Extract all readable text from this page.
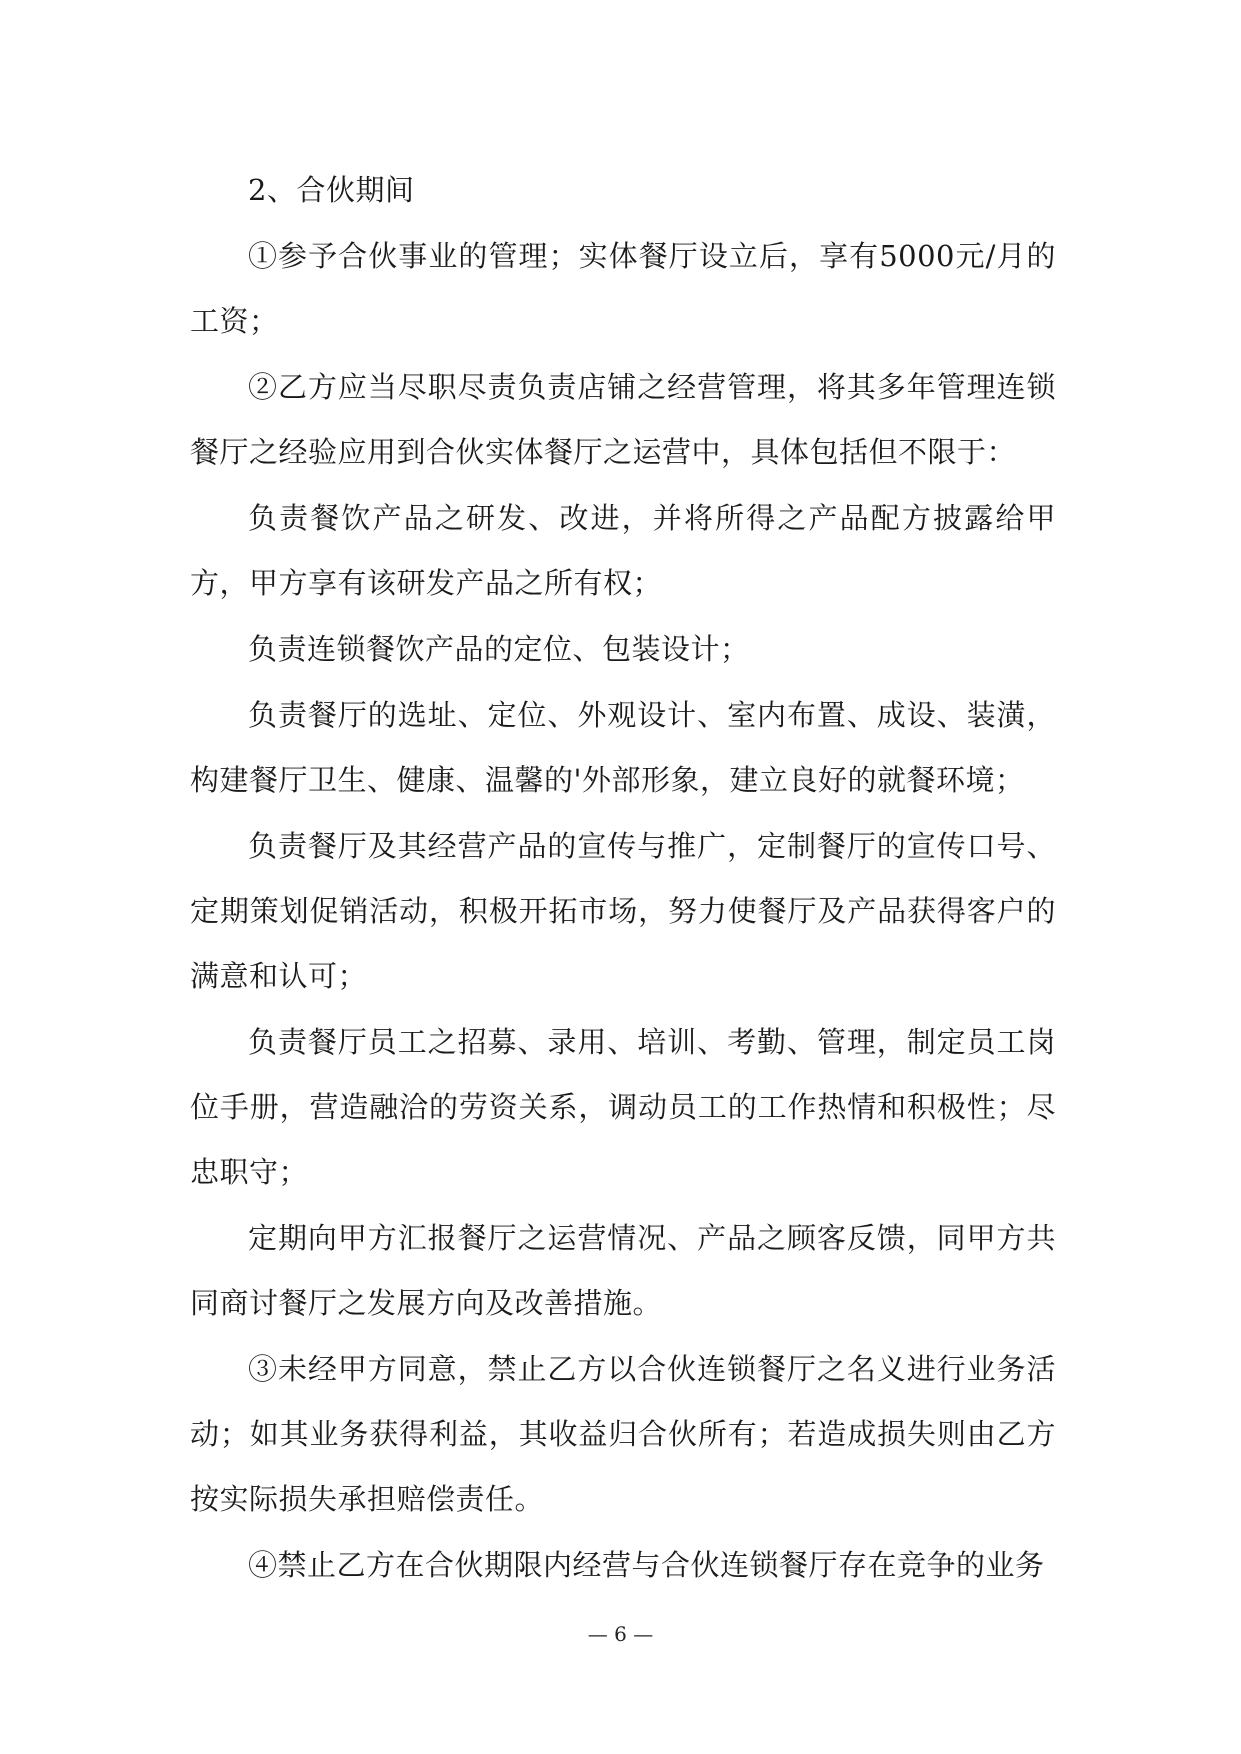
2、合伙期间

①参予合伙事业的管理；实体餐厅设立后，享有5000元/月的工资；

②乙方应当尽职尽责负责店铺之经营管理，将其多年管理连锁餐厅之经验应用到合伙实体餐厅之运营中，具体包括但不限于：

负责餐饮产品之研发、改进，并将所得之产品配方披露给甲方，甲方享有该研发产品之所有权；

负责连锁餐饮产品的定位、包装设计；

负责餐厅的选址、定位、外观设计、室内布置、成设、装潢，构建餐厅卫生、健康、温馨的'外部形象，建立良好的就餐环境；

负责餐厅及其经营产品的宣传与推广，定制餐厅的宣传口号、定期策划促销活动，积极开拓市场，努力使餐厅及产品获得客户的满意和认可；

负责餐厅员工之招募、录用、培训、考勤、管理，制定员工岗位手册，营造融洽的劳资关系，调动员工的工作热情和积极性；尽忠职守；

定期向甲方汇报餐厅之运营情况、产品之顾客反馈，同甲方共同商讨餐厅之发展方向及改善措施。

③未经甲方同意，禁止乙方以合伙连锁餐厅之名义进行业务活动；如其业务获得利益，其收益归合伙所有；若造成损失则由乙方按实际损失承担赔偿责任。

④禁止乙方在合伙期限内经营与合伙连锁餐厅存在竞争的业务

— 6 —
